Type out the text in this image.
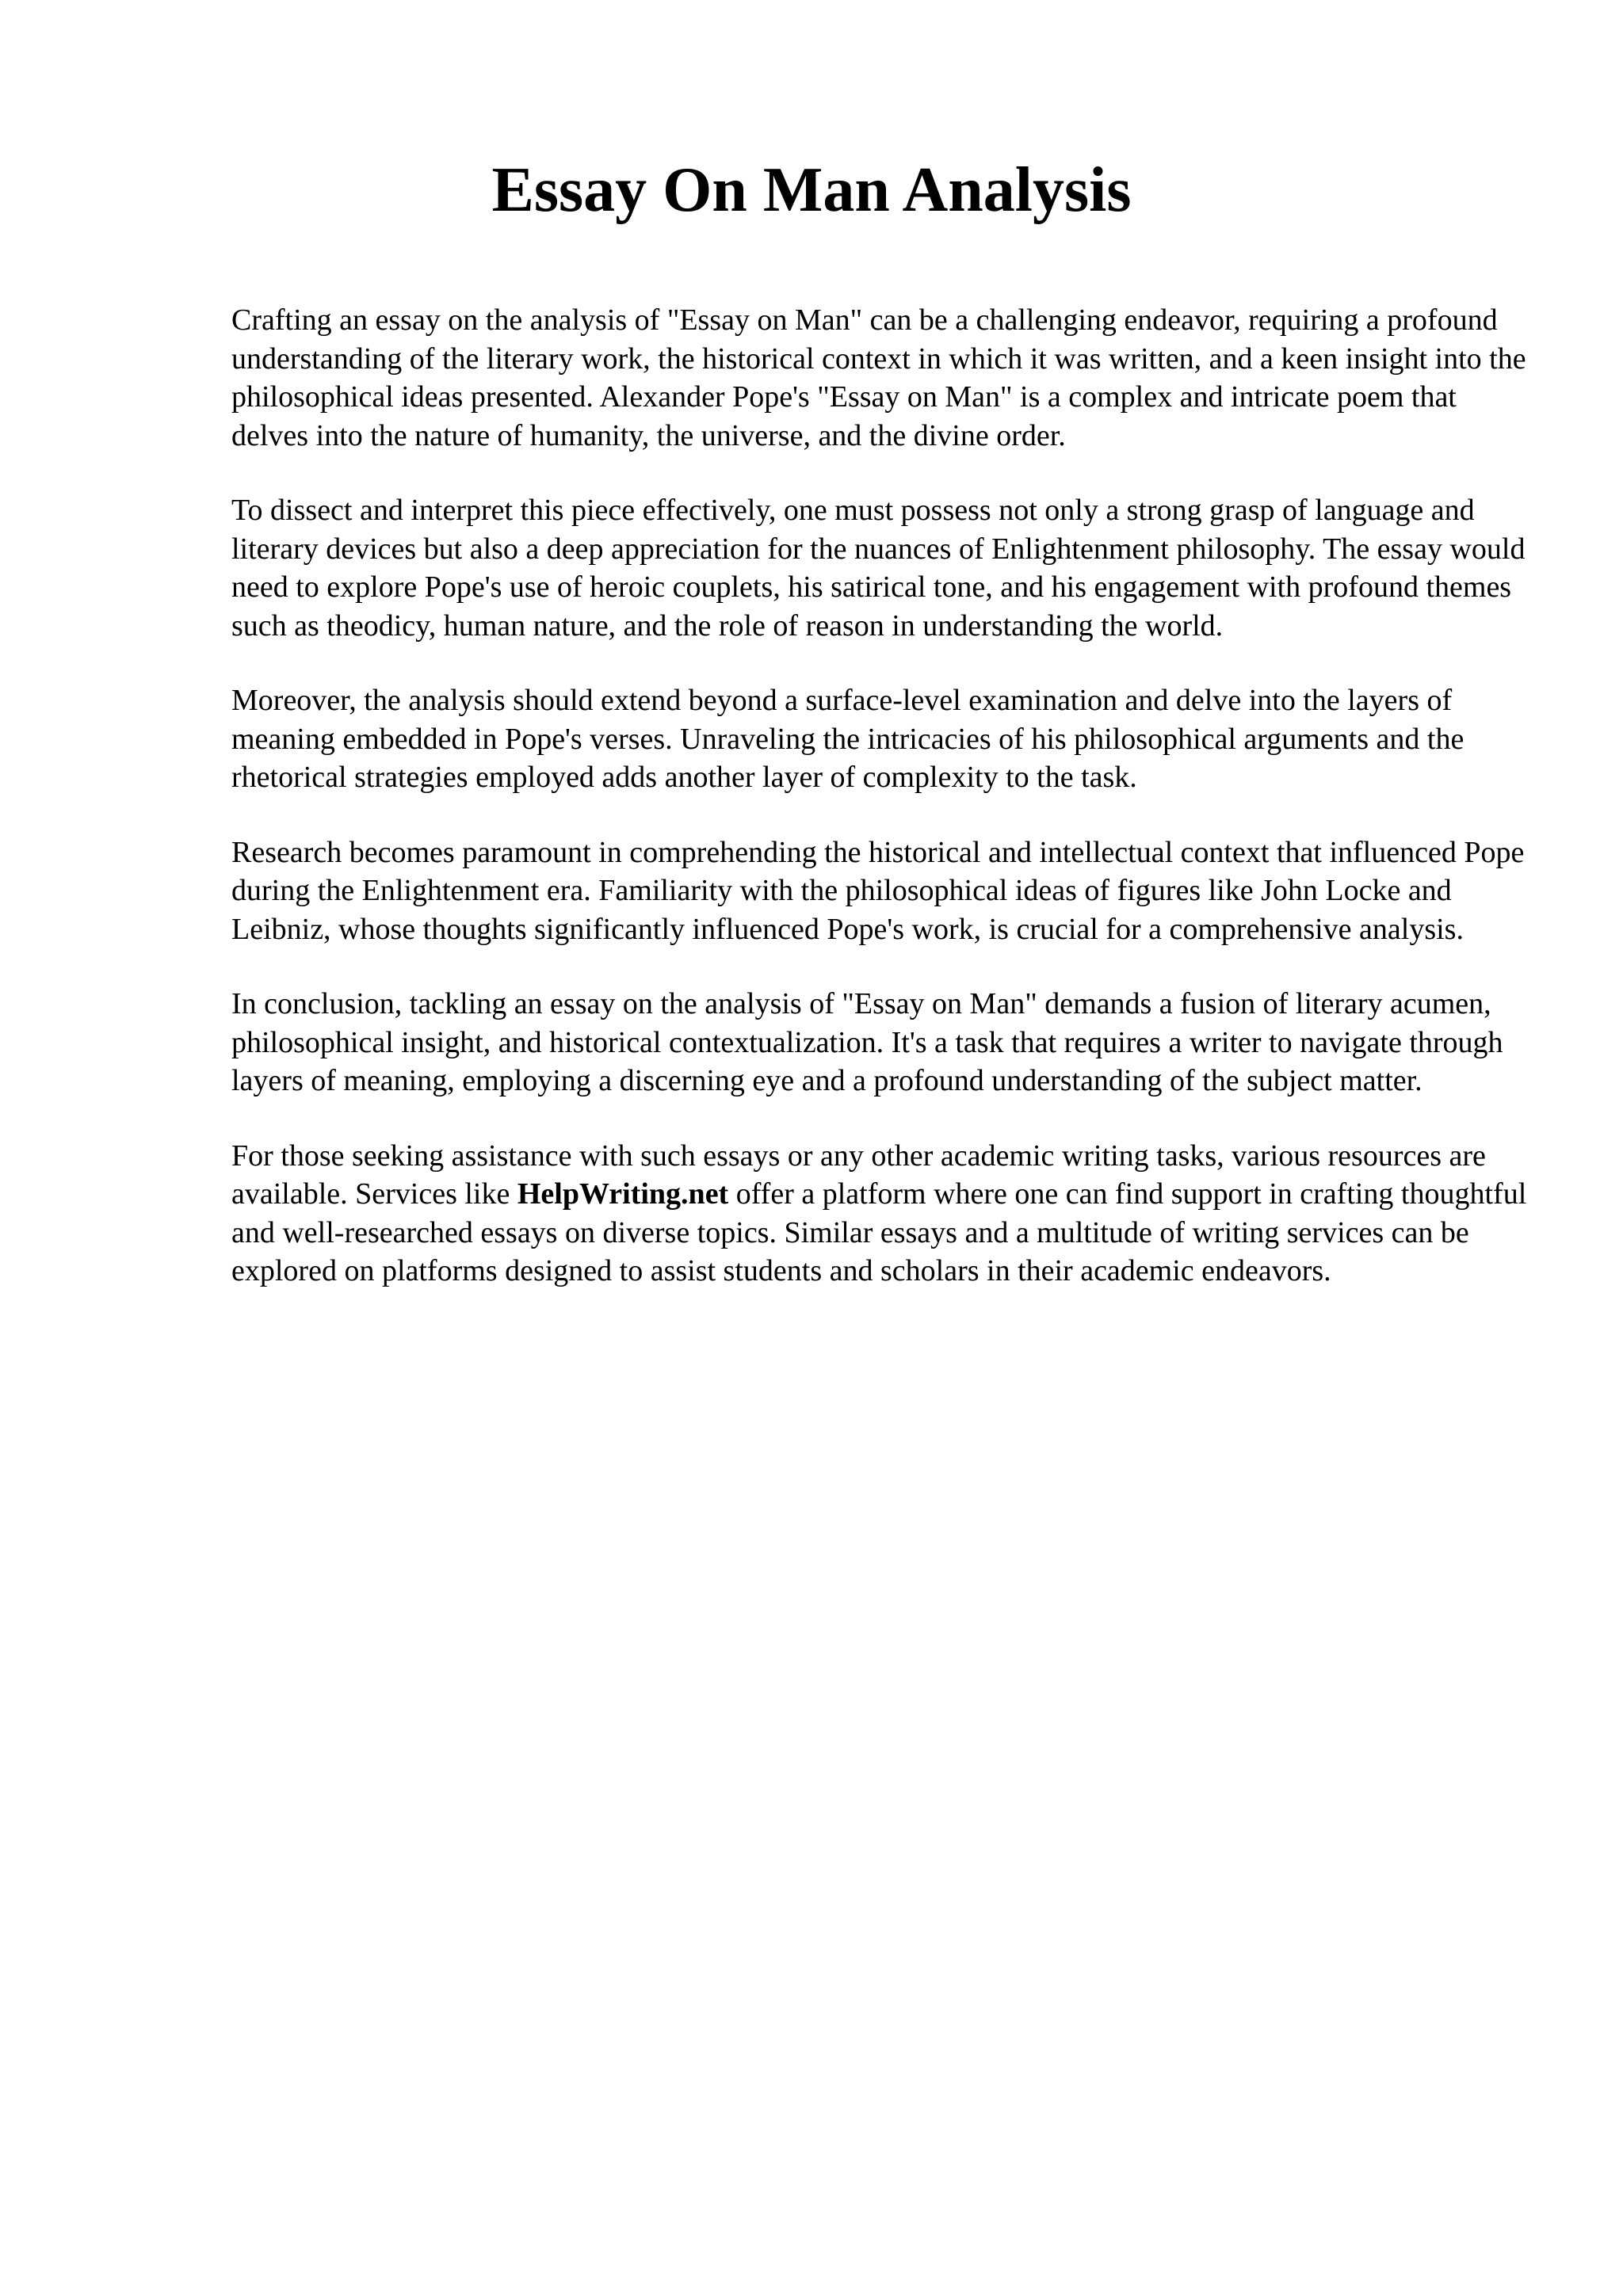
Essay On Man Analysis

Crafting an essay on the analysis of "Essay on Man" can be a challenging endeavor, requiring a profound understanding of the literary work, the historical context in which it was written, and a keen insight into the philosophical ideas presented. Alexander Pope's "Essay on Man" is a complex and intricate poem that delves into the nature of humanity, the universe, and the divine order.

To dissect and interpret this piece effectively, one must possess not only a strong grasp of language and literary devices but also a deep appreciation for the nuances of Enlightenment philosophy. The essay would need to explore Pope's use of heroic couplets, his satirical tone, and his engagement with profound themes such as theodicy, human nature, and the role of reason in understanding the world.

Moreover, the analysis should extend beyond a surface-level examination and delve into the layers of meaning embedded in Pope's verses. Unraveling the intricacies of his philosophical arguments and the rhetorical strategies employed adds another layer of complexity to the task.

Research becomes paramount in comprehending the historical and intellectual context that influenced Pope during the Enlightenment era. Familiarity with the philosophical ideas of figures like John Locke and Leibniz, whose thoughts significantly influenced Pope's work, is crucial for a comprehensive analysis.

In conclusion, tackling an essay on the analysis of "Essay on Man" demands a fusion of literary acumen, philosophical insight, and historical contextualization. It's a task that requires a writer to navigate through layers of meaning, employing a discerning eye and a profound understanding of the subject matter.

For those seeking assistance with such essays or any other academic writing tasks, various resources are available. Services like HelpWriting.net offer a platform where one can find support in crafting thoughtful and well-researched essays on diverse topics. Similar essays and a multitude of writing services can be explored on platforms designed to assist students and scholars in their academic endeavors.
